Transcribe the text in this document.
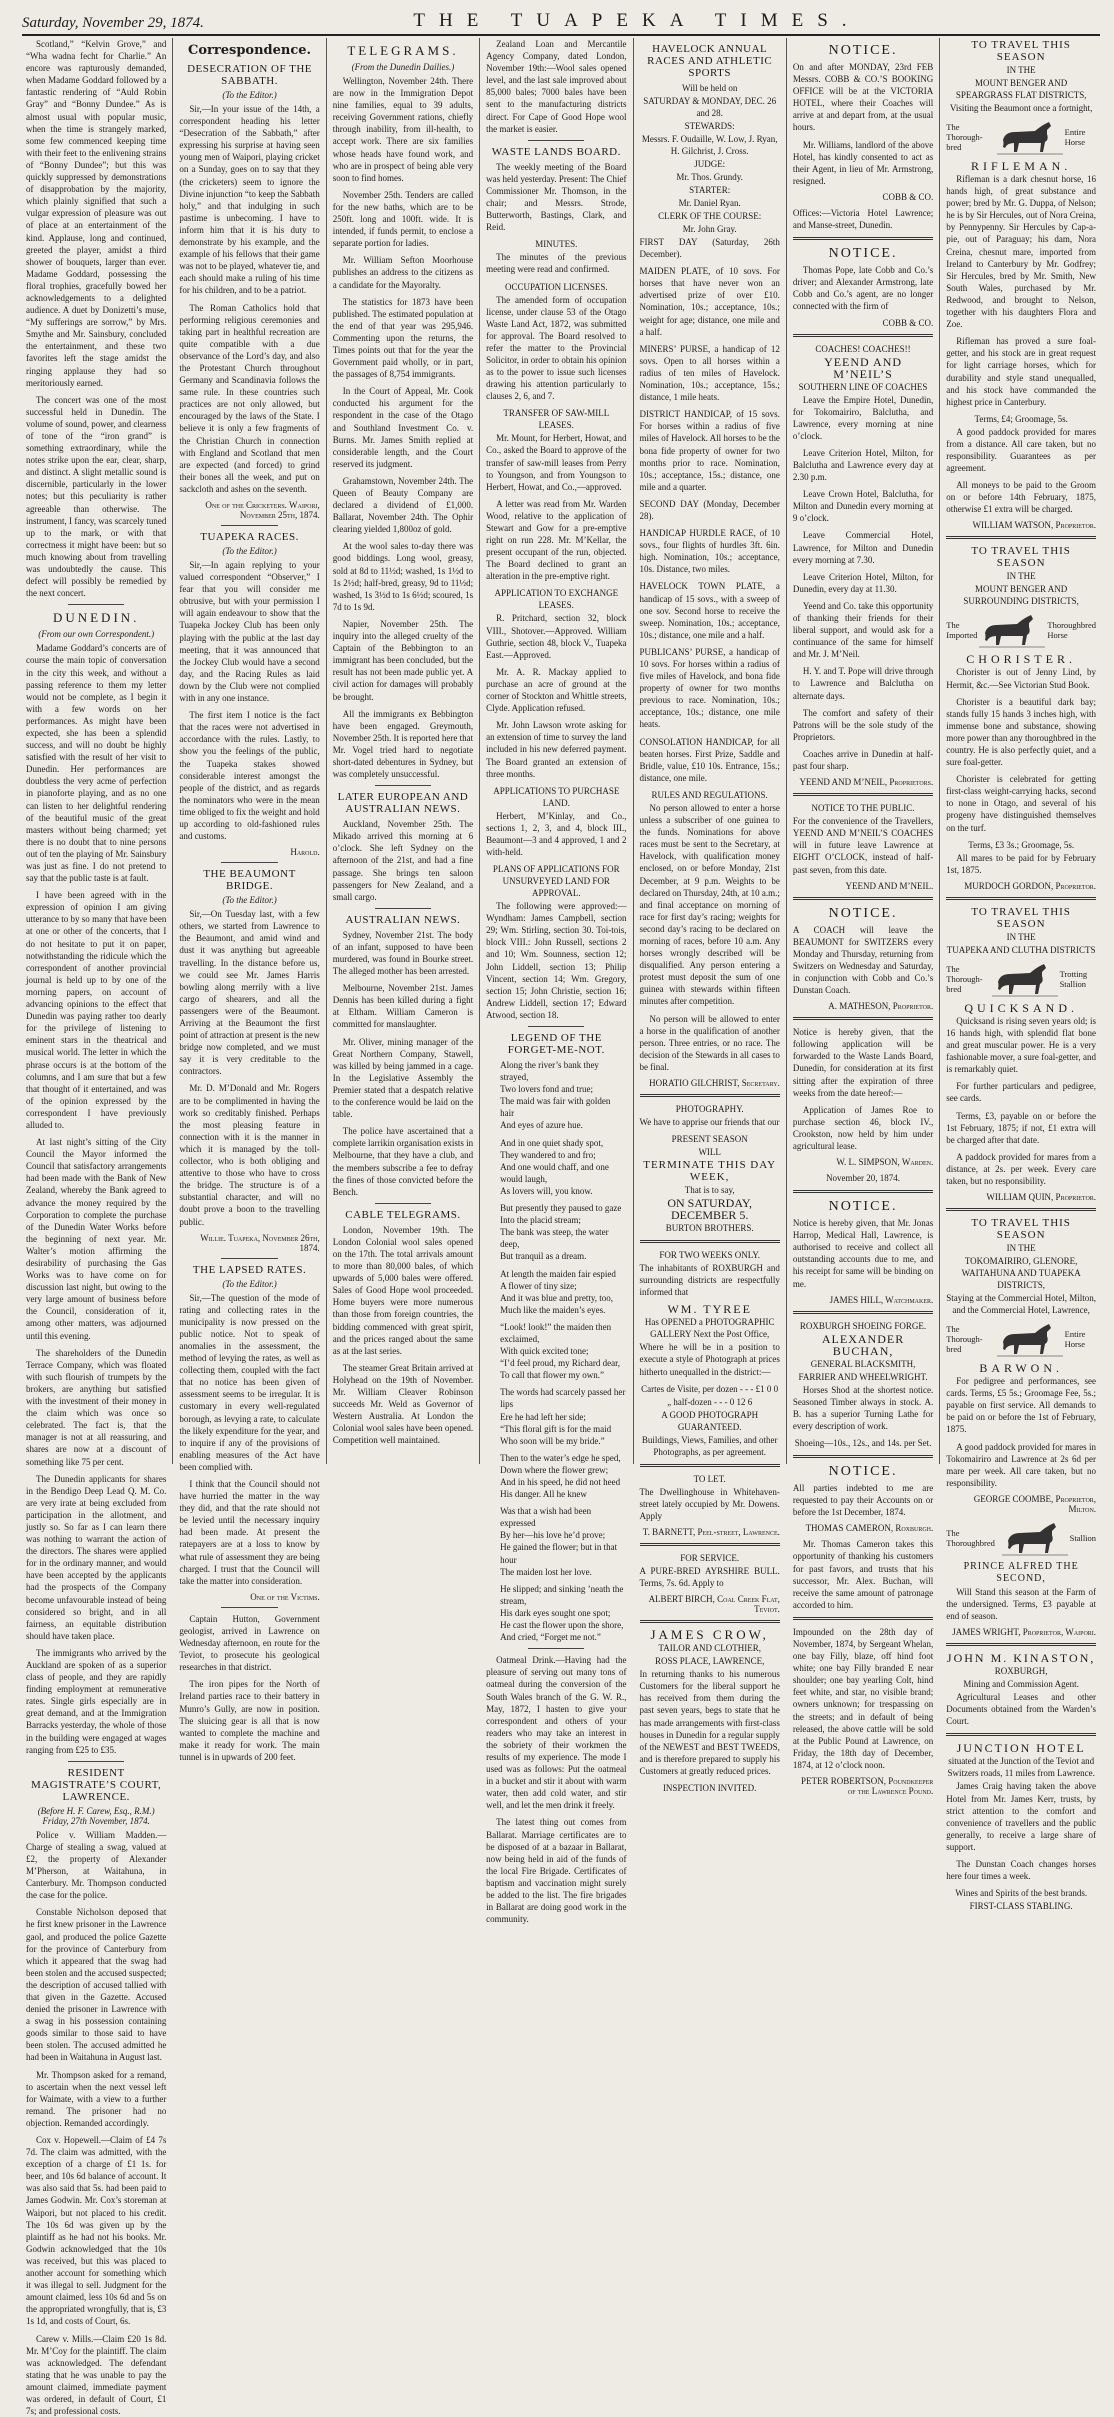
Saturday, November 29, 1874.	THE TUAPEKA TIMES.

Scotland,” “Kelvin Grove,” and “Wha wadna fecht for Charlie.” An encore was rapturously demanded, when Madame Goddard followed by a fantastic rendering of “Auld Robin Gray” and “Bonny Dundee.” As is almost usual with popular music, when the time is strangely marked, some few commenced keeping time with their feet to the enlivening strains of “Bonny Dundee”; but this was quickly suppressed by demonstrations of disapprobation by the majority, which plainly signified that such a vulgar expression of pleasure was out of place at an entertainment of the kind. Applause, long and continued, greeted the player, amidst a third shower of bouquets, larger than ever. Madame Goddard, possessing the floral trophies, gracefully bowed her acknowledgements to a delighted audience. A duet by Donizetti’s muse, “My sufferings are sorrow,” by Mrs. Smythe and Mr. Sainsbury, concluded the entertainment, and these two favorites left the stage amidst the ringing applause they had so meritoriously earned.

The concert was one of the most successful held in Dunedin. The volume of sound, power, and clearness of tone of the “iron grand” is something extraordinary, while the notes strike upon the ear, clear, sharp, and distinct. A slight metallic sound is discernible, particularly in the lower notes; but this peculiarity is rather agreeable than otherwise. The instrument, I fancy, was scarcely tuned up to the mark, or with that correctness it might have been: but so much knowing about from travelling was undoubtedly the cause. This defect will possibly be remedied by the next concert.

DUNEDIN.
(From our own Correspondent.)

Madame Goddard’s concerts are of course the main topic of conversation in the city this week, and without a passing reference to them my letter would not be complete, as I begin it with a few words on her performances. As might have been expected, she has been a splendid success, and will no doubt be highly satisfied with the result of her visit to Dunedin. Her performances are doubtless the very acme of perfection in pianoforte playing, and as no one can listen to her delightful rendering of the beautiful music of the great masters without being charmed; yet there is no doubt that to nine persons out of ten the playing of Mr. Sainsbury was just as fine. I do not pretend to say that the public taste is at fault.

I have been agreed with in the expression of opinion I am giving utterance to by so many that have been at one or other of the concerts, that I do not hesitate to put it on paper, notwithstanding the ridicule which the correspondent of another provincial journal is held up to by one of the morning papers, on account of advancing opinions to the effect that Dunedin was paying rather too dearly for the privilege of listening to eminent stars in the theatrical and musical world. The letter in which the phrase occurs is at the bottom of the columns, and I am sure that but a few that thought of it entertained, and was of the opinion expressed by the correspondent I have previously alluded to.

At last night’s sitting of the City Council the Mayor informed the Council that satisfactory arrangements had been made with the Bank of New Zealand, whereby the Bank agreed to advance the money required by the Corporation to complete the purchase of the Dunedin Water Works before the beginning of next year. Mr. Walter’s motion affirming the desirability of purchasing the Gas Works was to have come on for discussion last night, but owing to the very large amount of business before the Council, consideration of it, among other matters, was adjourned until this evening.

The shareholders of the Dunedin Terrace Company, which was floated with such flourish of trumpets by the brokers, are anything but satisfied with the investment of their money in the claim which was once so celebrated. The fact is, that the manager is not at all reassuring, and shares are now at a discount of something like 75 per cent.

The Dunedin applicants for shares in the Bendigo Deep Lead Q. M. Co. are very irate at being excluded from participation in the allotment, and justly so. So far as I can learn there was nothing to warrant the action of the directors. The shares were applied for in the ordinary manner, and would have been accepted by the applicants had the prospects of the Company become unfavourable instead of being considered so bright, and in all fairness, an equitable distribution should have taken place.

The immigrants who arrived by the Auckland are spoken of as a superior class of people, and they are rapidly finding employment at remunerative rates. Single girls especially are in great demand, and at the Immigration Barracks yesterday, the whole of those in the building were engaged at wages ranging from £25 to £35.

RESIDENT MAGISTRATE’S COURT, LAWRENCE.
(Before H. F. Carew, Esq., R.M.) Friday, 27th November, 1874.

Police v. William Madden.—Charge of stealing a swag, valued at £2, the property of Alexander M’Pherson, at Waitahuna, in Canterbury. Mr. Thompson conducted the case for the police.

Constable Nicholson deposed that he first knew prisoner in the Lawrence gaol, and produced the police Gazette for the province of Canterbury from which it appeared that the swag had been stolen and the accused suspected; the description of accused tallied with that given in the Gazette. Accused denied the prisoner in Lawrence with a swag in his possession containing goods similar to those said to have been stolen. The accused admitted he had been in Waitahuna in August last.

Mr. Thompson asked for a remand, to ascertain when the next vessel left for Waimate, with a view to a further remand. The prisoner had no objection. Remanded accordingly.

Cox v. Hopewell.—Claim of £4 7s 7d. The claim was admitted, with the exception of a charge of £1 1s. for beer, and 10s 6d balance of account. It was also said that 5s. had been paid to James Godwin. Mr. Cox’s storeman at Waipori, but not placed to his credit. The 10s 6d was given up by the plaintiff as he had not his books. Mr. Godwin acknowledged that the 10s was received, but this was placed to another account for something which it was illegal to sell. Judgment for the amount claimed, less 10s 6d and 5s on the appropriated wrongfully, that is, £3 1s 1d, and costs of Court, 6s.

Carew v. Mills.—Claim £20 1s 8d. Mr. M’Coy for the plaintiff. The claim was acknowledged. The defendant stating that he was unable to pay the amount claimed, immediate payment was ordered, in default of Court, £1 7s; and professional costs.

Correspondence.
DESECRATION OF THE SABBATH.
(To the Editor.)

Sir,—In your issue of the 14th, a correspondent heading his letter “Desecration of the Sabbath,” after expressing his surprise at having seen young men of Waipori, playing cricket on a Sunday, goes on to say that they (the cricketers) seem to ignore the Divine injunction “to keep the Sabbath holy,” and that indulging in such pastime is unbecoming. I have to inform him that it is his duty to demonstrate by his example, and the example of his fellows that their game was not to be played, whatever tie, and each should make a ruling of his time for his children, and to be a patriot.

The Roman Catholics hold that performing religious ceremonies and taking part in healthful recreation are quite compatible with a due observance of the Lord’s day, and also the Protestant Church throughout Germany and Scandinavia follows the same rule. In these countries such practices are not only allowed, but encouraged by the laws of the State. I believe it is only a few fragments of the Christian Church in connection with England and Scotland that men are expected (and forced) to grind their bones all the week, and put on sackcloth and ashes on the seventh.

One of the Cricketers. Waipori, November 25th, 1874.
TUAPEKA RACES.
(To the Editor.)

Sir,—In again replying to your valued correspondent “Observer,” I fear that you will consider me obtrusive, but with your permission I will again endeavour to show that the Tuapeka Jockey Club has been only playing with the public at the last day meeting, that it was announced that the Jockey Club would have a second day, and the Racing Rules as laid down by the Club were not complied with in any one instance.

The first item I notice is the fact that the races were not advertised in accordance with the rules. Lastly, to show you the feelings of the public, the Tuapeka stakes showed considerable interest amongst the people of the district, and as regards the nominators who were in the mean time obliged to fix the weight and hold up according to old-fashioned rules and customs.

Harold.
THE BEAUMONT BRIDGE.
(To the Editor.)

Sir,—On Tuesday last, with a few others, we started from Lawrence to the Beaumont, and amid wind and dust it was anything but agreeable travelling. In the distance before us, we could see Mr. James Harris bowling along merrily with a live cargo of shearers, and all the passengers were of the Beaumont. Arriving at the Beaumont the first point of attraction at present is the new bridge now completed, and we must say it is very creditable to the contractors.

Mr. D. M’Donald and Mr. Rogers are to be complimented in having the work so creditably finished. Perhaps the most pleasing feature in connection with it is the manner in which it is managed by the toll-collector, who is both obliging and attentive to those who have to cross the bridge. The structure is of a substantial character, and will no doubt prove a boon to the travelling public.

Willie. Tuapeka, November 26th, 1874.
THE LAPSED RATES.
(To the Editor.)

Sir,—The question of the mode of rating and collecting rates in the municipality is now pressed on the public notice. Not to speak of anomalies in the assessment, the method of levying the rates, as well as collecting them, coupled with the fact that no notice has been given of assessment seems to be irregular. It is customary in every well-regulated borough, as levying a rate, to calculate the likely expenditure for the year, and to inquire if any of the provisions of enabling measures of the Act have been complied with.

I think that the Council should not have hurried the matter in the way they did, and that the rate should not be levied until the necessary inquiry had been made. At present the ratepayers are at a loss to know by what rule of assessment they are being charged. I trust that the Council will take the matter into consideration.

One of the Victims.

Captain Hutton, Government geologist, arrived in Lawrence on Wednesday afternoon, en route for the Teviot, to prosecute his geological researches in that district.

The iron pipes for the North of Ireland parties race to their battery in Munro’s Gully, are now in position. The sluicing gear is all that is now wanted to complete the machine and make it ready for work. The main tunnel is in upwards of 200 feet.

TELEGRAMS.
(From the Dunedin Dailies.)

Wellington, November 24th. There are now in the Immigration Depot nine families, equal to 39 adults, receiving Government rations, chiefly through inability, from ill-health, to accept work. There are six families whose heads have found work, and who are in prospect of being able very soon to find homes.

November 25th. Tenders are called for the new baths, which are to be 250ft. long and 100ft. wide. It is intended, if funds permit, to enclose a separate portion for ladies.

Mr. William Sefton Moorhouse publishes an address to the citizens as a candidate for the Mayoralty.

The statistics for 1873 have been published. The estimated population at the end of that year was 295,946. Commenting upon the returns, the Times points out that for the year the Government paid wholly, or in part, the passages of 8,754 immigrants.

In the Court of Appeal, Mr. Cook conducted his argument for the respondent in the case of the Otago and Southland Investment Co. v. Burns. Mr. James Smith replied at considerable length, and the Court reserved its judgment.

Grahamstown, November 24th. The Queen of Beauty Company are declared a dividend of £1,000. Ballarat, November 24th. The Ophir clearing yielded 1,800oz of gold.

At the wool sales to-day there was good biddings. Long wool, greasy, sold at 8d to 11½d; washed, 1s 1½d to 1s 2½d; half-bred, greasy, 9d to 11½d; washed, 1s 3½d to 1s 6½d; scoured, 1s 7d to 1s 9d.

Napier, November 25th. The inquiry into the alleged cruelty of the Captain of the Bebbington to an immigrant has been concluded, but the result has not been made public yet. A civil action for damages will probably be brought.

All the immigrants ex Bebbington have been engaged. Greymouth, November 25th. It is reported here that Mr. Vogel tried hard to negotiate short-dated debentures in Sydney, but was completely unsuccessful.

LATER EUROPEAN AND AUSTRALIAN NEWS.

Auckland, November 25th. The Mikado arrived this morning at 6 o’clock. She left Sydney on the afternoon of the 21st, and had a fine passage. She brings ten saloon passengers for New Zealand, and a small cargo.

AUSTRALIAN NEWS.

Sydney, November 21st. The body of an infant, supposed to have been murdered, was found in Bourke street. The alleged mother has been arrested.

Melbourne, November 21st. James Dennis has been killed during a fight at Eltham. William Cameron is committed for manslaughter.

Mr. Oliver, mining manager of the Great Northern Company, Stawell, was killed by being jammed in a cage. In the Legislative Assembly the Premier stated that a despatch relative to the conference would be laid on the table.

The police have ascertained that a complete larrikin organisation exists in Melbourne, that they have a club, and the members subscribe a fee to defray the fines of those convicted before the Bench.

CABLE TELEGRAMS.

London, November 19th. The London Colonial wool sales opened on the 17th. The total arrivals amount to more than 80,000 bales, of which upwards of 5,000 bales were offered. Sales of Good Hope wool proceeded. Home buyers were more numerous than those from foreign countries, the bidding commenced with great spirit, and the prices ranged about the same as at the last series.

The steamer Great Britain arrived at Holyhead on the 19th of November. Mr. William Cleaver Robinson succeeds Mr. Weld as Governor of Western Australia. At London the Colonial wool sales have been opened. Competition well maintained.

Zealand Loan and Mercantile Agency Company, dated London, November 19th:—Wool sales opened level, and the last sale improved about 85,000 bales; 7000 bales have been sent to the manufacturing districts direct. For Cape of Good Hope wool the market is easier.

WASTE LANDS BOARD.

The weekly meeting of the Board was held yesterday. Present: The Chief Commissioner Mr. Thomson, in the chair; and Messrs. Strode, Butterworth, Bastings, Clark, and Reid.

MINUTES.

The minutes of the previous meeting were read and confirmed.

OCCUPATION LICENSES.

The amended form of occupation license, under clause 53 of the Otago Waste Land Act, 1872, was submitted for approval. The Board resolved to refer the matter to the Provincial Solicitor, in order to obtain his opinion as to the power to issue such licenses drawing his attention particularly to clauses 2, 6, and 7.

TRANSFER OF SAW-MILL LEASES.

Mr. Mount, for Herbert, Howat, and Co., asked the Board to approve of the transfer of saw-mill leases from Perry to Youngson, and from Youngson to Herbert, Howat, and Co.,—approved.

A letter was read from Mr. Warden Wood, relative to the application of Stewart and Gow for a pre-emptive right on run 228. Mr. M’Kellar, the present occupant of the run, objected. The Board declined to grant an alteration in the pre-emptive right.

APPLICATION TO EXCHANGE LEASES.

R. Pritchard, section 32, block VIII., Shotover.—Approved. William Guthrie, section 48, block V., Tuapeka East.—Approved.

Mr. A. R. Mackay applied to purchase an acre of ground at the corner of Stockton and Whittle streets, Clyde. Application refused.

Mr. John Lawson wrote asking for an extension of time to survey the land included in his new deferred payment. The Board granted an extension of three months.

APPLICATIONS TO PURCHASE LAND.

Herbert, M’Kinlay, and Co., sections 1, 2, 3, and 4, block III., Beaumont—3 and 4 approved, 1 and 2 with-held.

PLANS OF APPLICATIONS FOR UNSURVEYED LAND FOR APPROVAL.

The following were approved:—Wyndham: James Campbell, section 29; Wm. Stirling, section 30. Toi-tois, block VIII.: John Russell, sections 2 and 10; Wm. Sounness, section 12; John Liddell, section 13; Philip Vincent, section 14; Wm. Gregory, section 15; John Christie, section 16; Andrew Liddell, section 17; Edward Atwood, section 18.

LEGEND OF THE FORGET-ME-NOT.
Along the river’s bank they strayed,
Two lovers fond and true;
The maid was fair with golden hair
And eyes of azure hue.
And in one quiet shady spot,
They wandered to and fro;
And one would chaff, and one would laugh,
As lovers will, you know.
But presently they paused to gaze
Into the placid stream;
The bank was steep, the water deep,
But tranquil as a dream.
At length the maiden fair espied
A flower of tiny size;
And it was blue and pretty, too,
Much like the maiden’s eyes.
“Look! look!” the maiden then exclaimed,
With quick excited tone;
“I’d feel proud, my Richard dear,
To call that flower my own.”
The words had scarcely passed her lips
Ere he had left her side;
“This floral gift is for the maid
Who soon will be my bride.”
Then to the water’s edge he sped,
Down where the flower grew;
And in his speed, he did not heed
His danger. All he knew
Was that a wish had been expressed
By her—his love he’d prove;
He gained the flower; but in that hour
The maiden lost her love.
He slipped; and sinking ’neath the stream,
His dark eyes sought one spot;
He cast the flower upon the shore,
And cried, “Forget me not.”

Oatmeal Drink.—Having had the pleasure of serving out many tons of oatmeal during the conversion of the South Wales branch of the G. W. R., May, 1872, I hasten to give your correspondent and others of your readers who may take an interest in the sobriety of their workmen the results of my experience. The mode I used was as follows: Put the oatmeal in a bucket and stir it about with warm water, then add cold water, and stir well, and let the men drink it freely.

The latest thing out comes from Ballarat. Marriage certificates are to be disposed of at a bazaar in Ballarat, now being held in aid of the funds of the local Fire Brigade. Certificates of baptism and vaccination might surely be added to the list. The fire brigades in Ballarat are doing good work in the community.

HAVELOCK ANNUAL RACES AND ATHLETIC SPORTS
Will be held on
SATURDAY & MONDAY, DEC. 26 and 28.
STEWARDS:
Messrs. F. Oudaille, W. Low, J. Ryan, H. Gilchrist, J. Cross.
JUDGE:
Mr. Thos. Grundy.
STARTER:
Mr. Daniel Ryan.
CLERK OF THE COURSE:
Mr. John Gray.

FIRST DAY (Saturday, 26th December).

MAIDEN PLATE, of 10 sovs. For horses that have never won an advertised prize of over £10. Nomination, 10s.; acceptance, 10s.; weight for age; distance, one mile and a half.

MINERS’ PURSE, a handicap of 12 sovs. Open to all horses within a radius of ten miles of Havelock. Nomination, 10s.; acceptance, 15s.; distance, 1 mile heats.

DISTRICT HANDICAP, of 15 sovs. For horses within a radius of five miles of Havelock. All horses to be the bona fide property of owner for two months prior to race. Nomination, 10s.; acceptance, 15s.; distance, one mile and a quarter.

SECOND DAY (Monday, December 28).

HANDICAP HURDLE RACE, of 10 sovs., four flights of hurdles 3ft. 6in. high. Nomination, 10s.; acceptance, 10s. Distance, two miles.

HAVELOCK TOWN PLATE, a handicap of 15 sovs., with a sweep of one sov. Second horse to receive the sweep. Nomination, 10s.; acceptance, 10s.; distance, one mile and a half.

PUBLICANS’ PURSE, a handicap of 10 sovs. For horses within a radius of five miles of Havelock, and bona fide property of owner for two months previous to race. Nomination, 10s.; acceptance, 10s.; distance, one mile heats.

CONSOLATION HANDICAP, for all beaten horses. First Prize, Saddle and Bridle, value, £10 10s. Entrance, 15s.; distance, one mile.

RULES AND REGULATIONS.

No person allowed to enter a horse unless a subscriber of one guinea to the funds. Nominations for above races must be sent to the Secretary, at Havelock, with qualification money enclosed, on or before Monday, 21st December, at 9 p.m. Weights to be declared on Thursday, 24th, at 10 a.m.; and final acceptance on morning of race for first day’s racing; weights for second day’s racing to be declared on morning of races, before 10 a.m. Any horses wrongly described will be disqualified. Any person entering a protest must deposit the sum of one guinea with stewards within fifteen minutes after competition.

No person will be allowed to enter a horse in the qualification of another person. Three entries, or no race. The decision of the Stewards in all cases to be final.

HORATIO GILCHRIST, Secretary.
PHOTOGRAPHY.

We have to apprise our friends that our

PRESENT SEASON
WILL
TERMINATE THIS DAY WEEK,
That is to say,
ON SATURDAY, DECEMBER 5.
BURTON BROTHERS.
FOR TWO WEEKS ONLY.

The inhabitants of ROXBURGH and surrounding districts are respectfully informed that

WM. TYREE
Has OPENED a PHOTOGRAPHIC GALLERY Next the Post Office,

Where he will be in a position to execute a style of Photograph at prices hitherto unequalled in the district:—

Cartes de Visite, per dozen - - - £1 0 0
„ half-dozen - - - 0 12 6
A GOOD PHOTOGRAPH GUARANTEED.
Buildings, Views, Families, and other Photographs, as per agreement.
TO LET.

The Dwellinghouse in Whitehaven-street lately occupied by Mr. Dowens. Apply

T. BARNETT, Peel-street, Lawrence.
FOR SERVICE.

A PURE-BRED AYRSHIRE BULL. Terms, 7s. 6d. Apply to

ALBERT BIRCH, Coal Creek Flat, Teviot.
JAMES CROW,
TAILOR AND CLOTHIER,
ROSS PLACE, LAWRENCE,

In returning thanks to his numerous Customers for the liberal support he has received from them during the past seven years, begs to state that he has made arrangements with first-class houses in Dunedin for a regular supply of the NEWEST and BEST TWEEDS, and is therefore prepared to supply his Customers at greatly reduced prices.

INSPECTION INVITED.
NOTICE.

On and after MONDAY, 23rd FEB Messrs. COBB & CO.’S BOOKING OFFICE will be at the VICTORIA HOTEL, where their Coaches will arrive at and depart from, at the usual hours.

Mr. Williams, landlord of the above Hotel, has kindly consented to act as their Agent, in lieu of Mr. Armstrong, resigned.

COBB & CO.

Offices:—Victoria Hotel Lawrence; and Manse-street, Dunedin.

NOTICE.

Thomas Pope, late Cobb and Co.’s driver; and Alexander Armstrong, late Cobb and Co.’s agent, are no longer connected with the firm of

COBB & CO.
COACHES! COACHES!!
YEEND AND M’NEIL’S
SOUTHERN LINE OF COACHES

Leave the Empire Hotel, Dunedin, for Tokomairiro, Balclutha, and Lawrence, every morning at nine o’clock.

Leave Criterion Hotel, Milton, for Balclutha and Lawrence every day at 2.30 p.m.

Leave Crown Hotel, Balclutha, for Milton and Dunedin every morning at 9 o’clock.

Leave Commercial Hotel, Lawrence, for Milton and Dunedin every morning at 7.30.

Leave Criterion Hotel, Milton, for Dunedin, every day at 11.30.

Yeend and Co. take this opportunity of thanking their friends for their liberal support, and would ask for a continuance of the same for himself and Mr. J. M’Neil.

H. Y. and T. Pope will drive through to Lawrence and Balclutha on alternate days.

The comfort and safety of their Patrons will be the sole study of the Proprietors.

Coaches arrive in Dunedin at half-past four sharp.

YEEND AND M’NEIL, Proprietors.
NOTICE TO THE PUBLIC.

For the convenience of the Travellers, YEEND AND M’NEIL’S COACHES will in future leave Lawrence at EIGHT O’CLOCK, instead of half-past seven, from this date.

YEEND AND M’NEIL.
NOTICE.

A COACH will leave the BEAUMONT for SWITZERS every Monday and Thursday, returning from Switzers on Wednesday and Saturday, in conjunction with Cobb and Co.’s Dunstan Coach.

A. MATHESON, Proprietor.

Notice is hereby given, that the following application will be forwarded to the Waste Lands Board, Dunedin, for consideration at its first sitting after the expiration of three weeks from the date hereof:—

Application of James Roe to purchase section 46, block IV., Crookston, now held by him under agricultural lease.

W. L. SIMPSON, Warden.
November 20, 1874.
NOTICE.

Notice is hereby given, that Mr. Jonas Harrop, Medical Hall, Lawrence, is authorised to receive and collect all outstanding accounts due to me, and his receipt for same will be binding on me.

JAMES HILL, Watchmaker.
ROXBURGH SHOEING FORGE.
ALEXANDER BUCHAN,
GENERAL BLACKSMITH,
FARRIER AND WHEELWRIGHT.

Horses Shod at the shortest notice. Seasoned Timber always in stock. A. B. has a superior Turning Lathe for every description of work.

Shoeing—10s., 12s., and 14s. per Set.
NOTICE.

All parties indebted to me are requested to pay their Accounts on or before the 1st December, 1874.

THOMAS CAMERON, Roxburgh.

Mr. Thomas Cameron takes this opportunity of thanking his customers for past favors, and trusts that his successor, Mr. Alex. Buchan, will receive the same amount of patronage accorded to him.

Impounded on the 28th day of November, 1874, by Sergeant Whelan, one bay Filly, blaze, off hind foot white; one bay Filly branded E near shoulder; one bay yearling Colt, hind feet white, and star, no visible brand; owners unknown; for trespassing on the streets; and in default of being released, the above cattle will be sold at the Public Pound at Lawrence, on Friday, the 18th day of December, 1874, at 12 o’clock noon.

PETER ROBERTSON, Poundkeeper of the Lawrence Pound.
TO TRAVEL THIS SEASON
IN THE
MOUNT BENGER AND SPEARGRASS FLAT DISTRICTS,
Visiting the Beaumont once a fortnight,
The Thorough-bred
Entire Horse
RIFLEMAN.

Rifleman is a dark chesnut horse, 16 hands high, of great substance and power; bred by Mr. G. Duppa, of Nelson; he is by Sir Hercules, out of Nora Creina, by Pennypenny. Sir Hercules by Cap-a-pie, out of Paraguay; his dam, Nora Creina, chesnut mare, imported from Ireland to Canterbury by Mr. Godfrey; Sir Hercules, bred by Mr. Smith, New South Wales, purchased by Mr. Redwood, and brought to Nelson, together with his daughters Flora and Zoe.

Rifleman has proved a sure foal-getter, and his stock are in great request for light carriage horses, which for durability and style stand unequalled, and his stock have commanded the highest price in Canterbury.

Terms, £4; Groomage, 5s.

A good paddock provided for mares from a distance. All care taken, but no responsibility. Guarantees as per agreement.

All moneys to be paid to the Groom on or before 14th February, 1875, otherwise £1 extra will be charged.

WILLIAM WATSON, Proprietor.
TO TRAVEL THIS SEASON
IN THE
MOUNT BENGER AND SURROUNDING DISTRICTS,
The Imported
Thoroughbred Horse
CHORISTER.

Chorister is out of Jenny Lind, by Hermit, &c.—See Victorian Stud Book.

Chorister is a beautiful dark bay; stands fully 15 hands 3 inches high, with immense bone and substance, showing more power than any thoroughbred in the country. He is also perfectly quiet, and a sure foal-getter.

Chorister is celebrated for getting first-class weight-carrying hacks, second to none in Otago, and several of his progeny have distinguished themselves on the turf.

Terms, £3 3s.; Groomage, 5s.

All mares to be paid for by February 1st, 1875.

MURDOCH GORDON, Proprietor.
TO TRAVEL THIS SEASON
IN THE
TUAPEKA AND CLUTHA DISTRICTS
The Thorough-bred
Trotting Stallion
QUICKSAND.

Quicksand is rising seven years old; is 16 hands high, with splendid flat bone and great muscular power. He is a very fashionable mover, a sure foal-getter, and is remarkably quiet.

For further particulars and pedigree, see cards.

Terms, £3, payable on or before the 1st February, 1875; if not, £1 extra will be charged after that date.

A paddock provided for mares from a distance, at 2s. per week. Every care taken, but no responsibility.

WILLIAM QUIN, Proprietor.
TO TRAVEL THIS SEASON
IN THE
TOKOMAIRIRO, GLENORE, WAITAHUNA AND TUAPEKA DISTRICTS,
Staying at the Commercial Hotel, Milton, and the Commercial Hotel, Lawrence,
The Thorough-bred
Entire Horse
BARWON.

For pedigree and performances, see cards. Terms, £5 5s.; Groomage Fee, 5s.; payable on first service. All demands to be paid on or before the 1st of February, 1875.

A good paddock provided for mares in Tokomairiro and Lawrence at 2s 6d per mare per week. All care taken, but no responsibility.

GEORGE COOMBE, Proprietor, Milton.
The Thoroughbred	Stallion
PRINCE ALFRED THE SECOND,

Will Stand this season at the Farm of the undersigned. Terms, £3 payable at end of season.

JAMES WRIGHT, Proprietor, Waipori.
JOHN M. KINASTON,
ROXBURGH,
Mining and Commission Agent.

Agricultural Leases and other Documents obtained from the Warden’s Court.

JUNCTION HOTEL
situated at the Junction of the Teviot and Switzers roads, 11 miles from Lawrence.

James Craig having taken the above Hotel from Mr. James Kerr, trusts, by strict attention to the comfort and convenience of travellers and the public generally, to receive a large share of support.

The Dunstan Coach changes horses here four times a week.

Wines and Spirits of the best brands.
FIRST-CLASS STABLING.
